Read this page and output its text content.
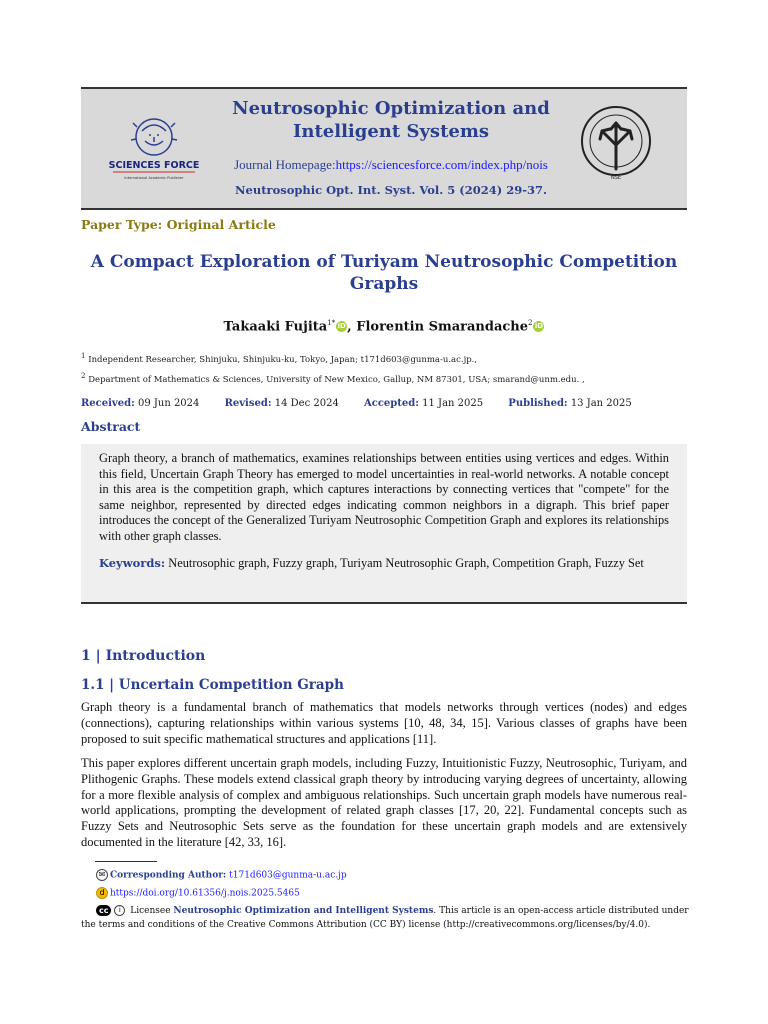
SCIENCES FORCE
International Academic Publisher
Neutrosophic Optimization and Intelligent Systems
Journal Homepage:https://sciencesforce.com/index.php/nois
Neutrosophic Opt. Int. Syst. Vol. 5 (2024) 29-37.
NSE
Paper Type: Original Article
A Compact Exploration of Turiyam Neutrosophic Competition Graphs
Takaaki Fujita$^{1*}$ iD, Florentin Smarandache$^2$ iD
$^1$ Independent Researcher, Shinjuku, Shinjuku-ku, Tokyo, Japan; t171d603@gunma-u.ac.jp.,
$^2$ Department of Mathematics & Sciences, University of New Mexico, Gallup, NM 87301, USA; smarand@unm.edu. ,
Received: 09 Jun 2024	Revised: 14 Dec 2024	Accepted: 11 Jan 2025	Published: 13 Jan 2025
Abstract
Graph theory, a branch of mathematics, examines relationships between entities using vertices and edges. Within this field, Uncertain Graph Theory has emerged to model uncertainties in real-world networks. A notable concept in this area is the competition graph, which captures interactions by connecting vertices that "compete" for the same neighbor, represented by directed edges indicating common neighbors in a digraph. This brief paper introduces the concept of the Generalized Turiyam Neutrosophic Competition Graph and explores its relationships with other graph classes.
Keywords: Neutrosophic graph, Fuzzy graph, Turiyam Neutrosophic Graph, Competition Graph, Fuzzy Set
1 | Introduction
1.1 | Uncertain Competition Graph
Graph theory is a fundamental branch of mathematics that models networks through vertices (nodes) and edges (connections), capturing relationships within various systems [10, 48, 34, 15]. Various classes of graphs have been proposed to suit specific mathematical structures and applications [11].
This paper explores different uncertain graph models, including Fuzzy, Intuitionistic Fuzzy, Neutrosophic, Turiyam, and Plithogenic Graphs. These models extend classical graph theory by introducing varying degrees of uncertainty, allowing for a more flexible analysis of complex and ambiguous relationships. Such uncertain graph models have numerous real-world applications, prompting the development of related graph classes [17, 20, 22]. Fundamental concepts such as Fuzzy Sets and Neutrosophic Sets serve as the foundation for these uncertain graph models and are extensively documented in the literature [42, 33, 16].
✉ Corresponding Author: t171d603@gunma-u.ac.jp
d https://doi.org/10.61356/j.nois.2025.5465
cc i Licensee Neutrosophic Optimization and Intelligent Systems. This article is an open-access article distributed under
the terms and conditions of the Creative Commons Attribution (CC BY) license (http://creativecommons.org/licenses/by/4.0).
